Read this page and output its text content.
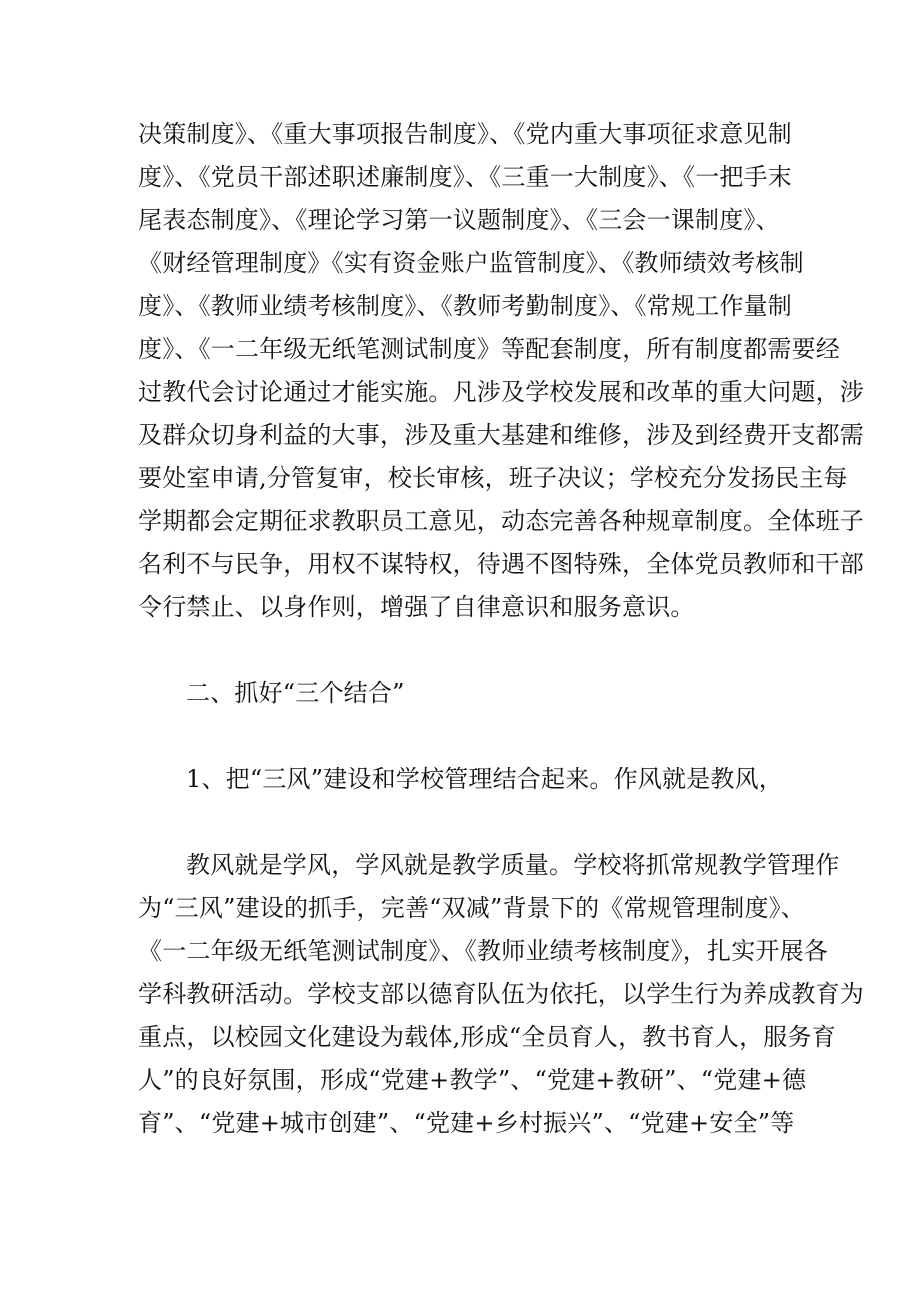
决策制度》、《重大事项报告制度》、《党内重大事项征求意见制
度》、《党员干部述职述廉制度》、《三重一大制度》、《一把手末
尾表态制度》、《理论学习第一议题制度》、《三会一课制度》、
《财经管理制度》《实有资金账户监管制度》、《教师绩效考核制
度》、《教师业绩考核制度》、《教师考勤制度》、《常规工作量制
度》、《一二年级无纸笔测试制度》等配套制度，所有制度都需要经
过教代会讨论通过才能实施。凡涉及学校发展和改革的重大问题，涉
及群众切身利益的大事，涉及重大基建和维修，涉及到经费开支都需
要处室申请,分管复审，校长审核，班子决议；学校充分发扬民主每
学期都会定期征求教职员工意见，动态完善各种规章制度。全体班子
名利不与民争，用权不谋特权，待遇不图特殊，全体党员教师和干部
令行禁止、以身作则，增强了自律意识和服务意识。
二、抓好“三个结合”
1、把“三风”建设和学校管理结合起来。作风就是教风，
教风就是学风，学风就是教学质量。学校将抓常规教学管理作
为“三风”建设的抓手，完善“双减”背景下的《常规管理制度》、
《一二年级无纸笔测试制度》、《教师业绩考核制度》，扎实开展各
学科教研活动。学校支部以德育队伍为依托，以学生行为养成教育为
重点，以校园文化建设为载体,形成“全员育人，教书育人，服务育
人”的良好氛围，形成“党建+教学”、“党建+教研”、“党建+德
育”、“党建+城市创建”、“党建+乡村振兴”、“党建+安全”等
